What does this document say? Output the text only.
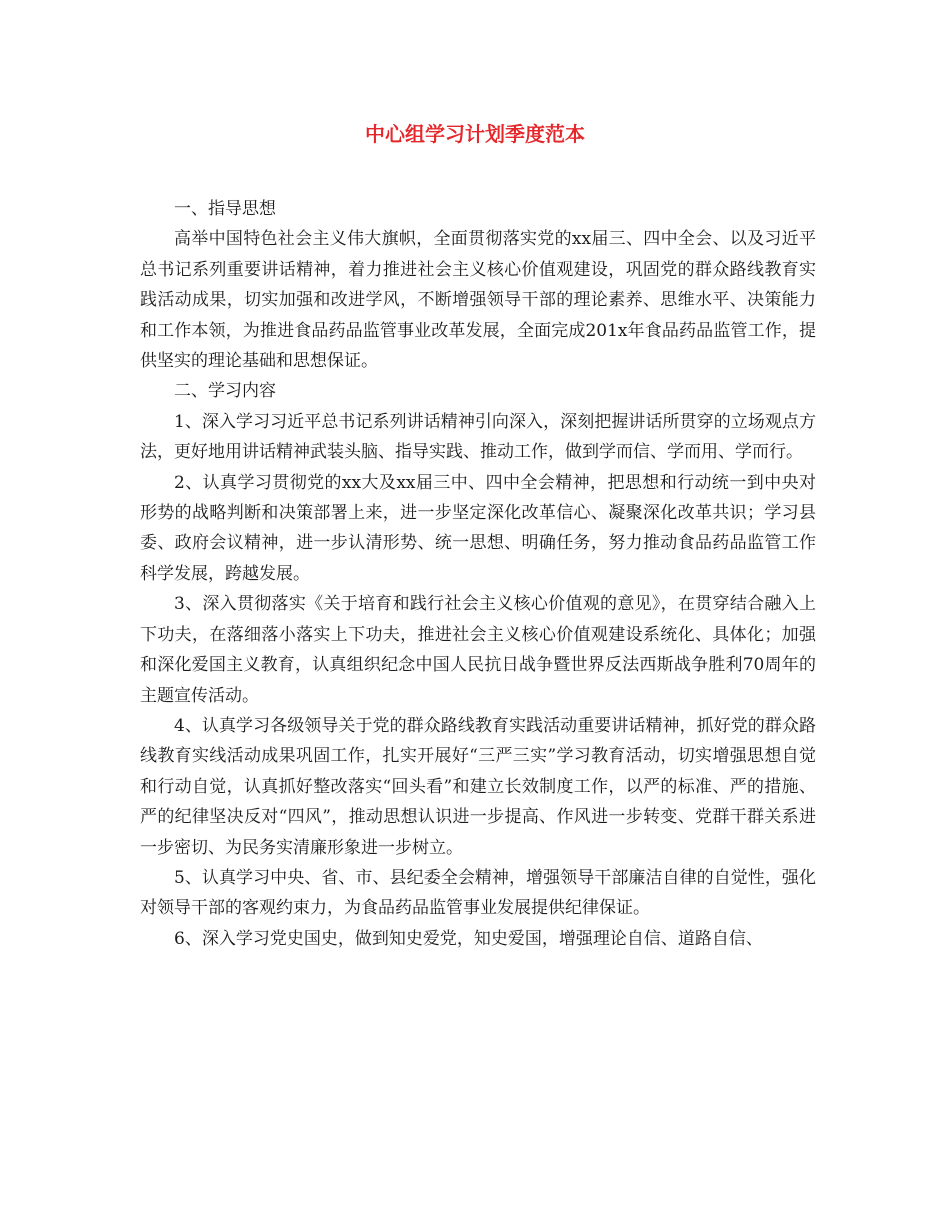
中心组学习计划季度范本

一、指导思想

高举中国特色社会主义伟大旗帜，全面贯彻落实党的xx届三、四中全会、以及习近平总书记系列重要讲话精神，着力推进社会主义核心价值观建设，巩固党的群众路线教育实践活动成果，切实加强和改进学风，不断增强领导干部的理论素养、思维水平、决策能力和工作本领，为推进食品药品监管事业改革发展，全面完成201x年食品药品监管工作，提供坚实的理论基础和思想保证。

二、学习内容

1、深入学习习近平总书记系列讲话精神引向深入，深刻把握讲话所贯穿的立场观点方法，更好地用讲话精神武装头脑、指导实践、推动工作，做到学而信、学而用、学而行。

2、认真学习贯彻党的xx大及xx届三中、四中全会精神，把思想和行动统一到中央对形势的战略判断和决策部署上来，进一步坚定深化改革信心、凝聚深化改革共识；学习县委、政府会议精神，进一步认清形势、统一思想、明确任务，努力推动食品药品监管工作科学发展，跨越发展。

3、深入贯彻落实《关于培育和践行社会主义核心价值观的意见》，在贯穿结合融入上下功夫，在落细落小落实上下功夫，推进社会主义核心价值观建设系统化、具体化；加强和深化爱国主义教育，认真组织纪念中国人民抗日战争暨世界反法西斯战争胜利70周年的主题宣传活动。

4、认真学习各级领导关于党的群众路线教育实践活动重要讲话精神，抓好党的群众路线教育实线活动成果巩固工作，扎实开展好“三严三实”学习教育活动，切实增强思想自觉和行动自觉，认真抓好整改落实“回头看”和建立长效制度工作，以严的标准、严的措施、严的纪律坚决反对“四风”，推动思想认识进一步提高、作风进一步转变、党群干群关系进一步密切、为民务实清廉形象进一步树立。

5、认真学习中央、省、市、县纪委全会精神，增强领导干部廉洁自律的自觉性，强化对领导干部的客观约束力，为食品药品监管事业发展提供纪律保证。

6、深入学习党史国史，做到知史爱党，知史爱国，增强理论自信、道路自信、
